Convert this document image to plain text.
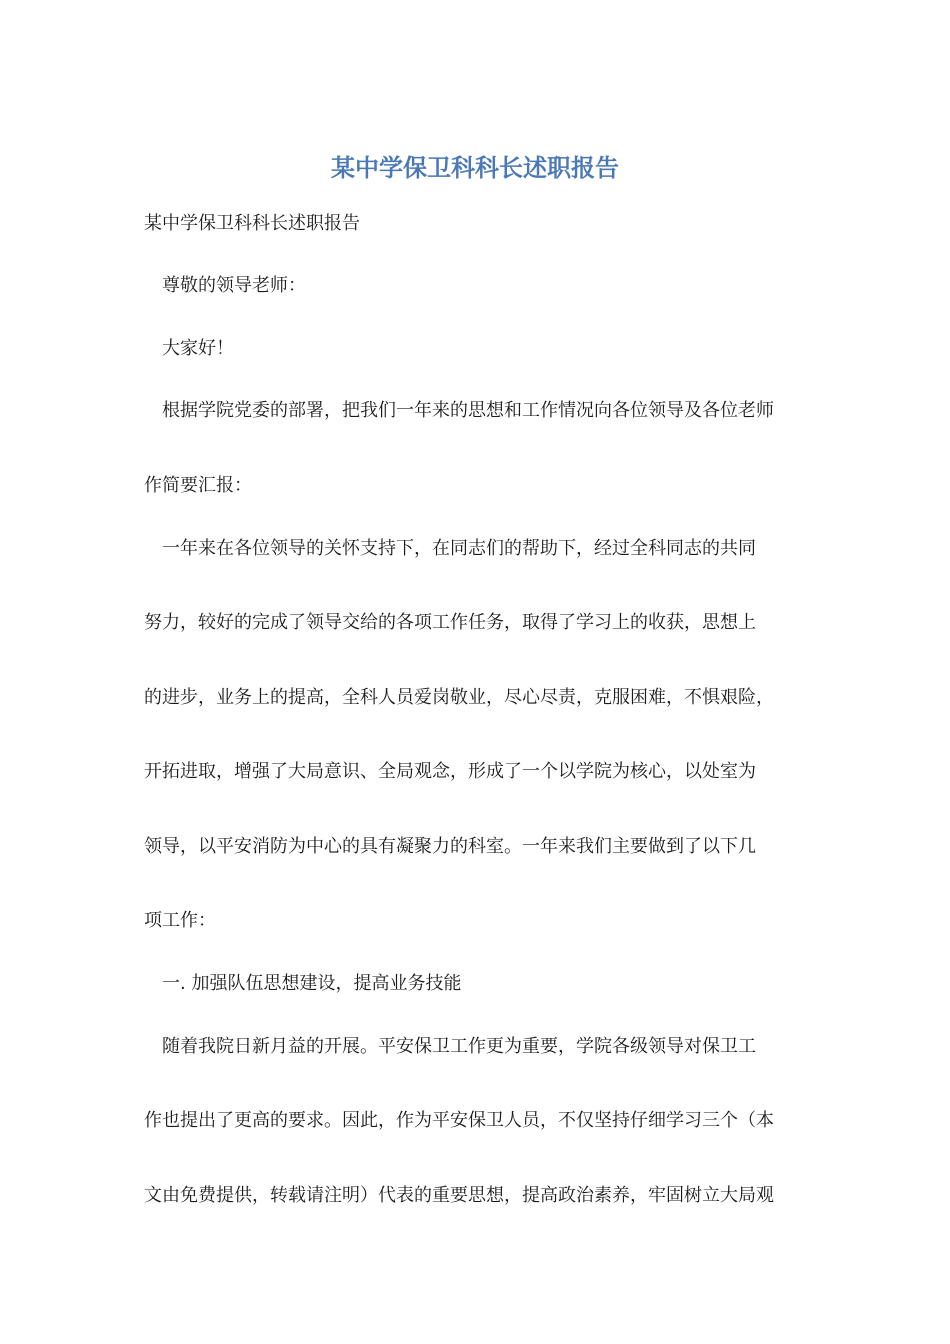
某中学保卫科科长述职报告

某中学保卫科科长述职报告

尊敬的领导老师：

大家好！

根据学院党委的部署，把我们一年来的思想和工作情况向各位领导及各位老师

作简要汇报：

一年来在各位领导的关怀支持下，在同志们的帮助下，经过全科同志的共同

努力，较好的完成了领导交给的各项工作任务，取得了学习上的收获，思想上

的进步，业务上的提高，全科人员爱岗敬业，尽心尽责，克服困难，不惧艰险，

开拓进取，增强了大局意识、全局观念，形成了一个以学院为核心，以处室为

领导，以平安消防为中心的具有凝聚力的科室。一年来我们主要做到了以下几

项工作：

一. 加强队伍思想建设，提高业务技能

随着我院日新月益的开展。平安保卫工作更为重要，学院各级领导对保卫工

作也提出了更高的要求。因此，作为平安保卫人员，不仅坚持仔细学习三个（本

文由免费提供，转载请注明）代表的重要思想，提高政治素养，牢固树立大局观
